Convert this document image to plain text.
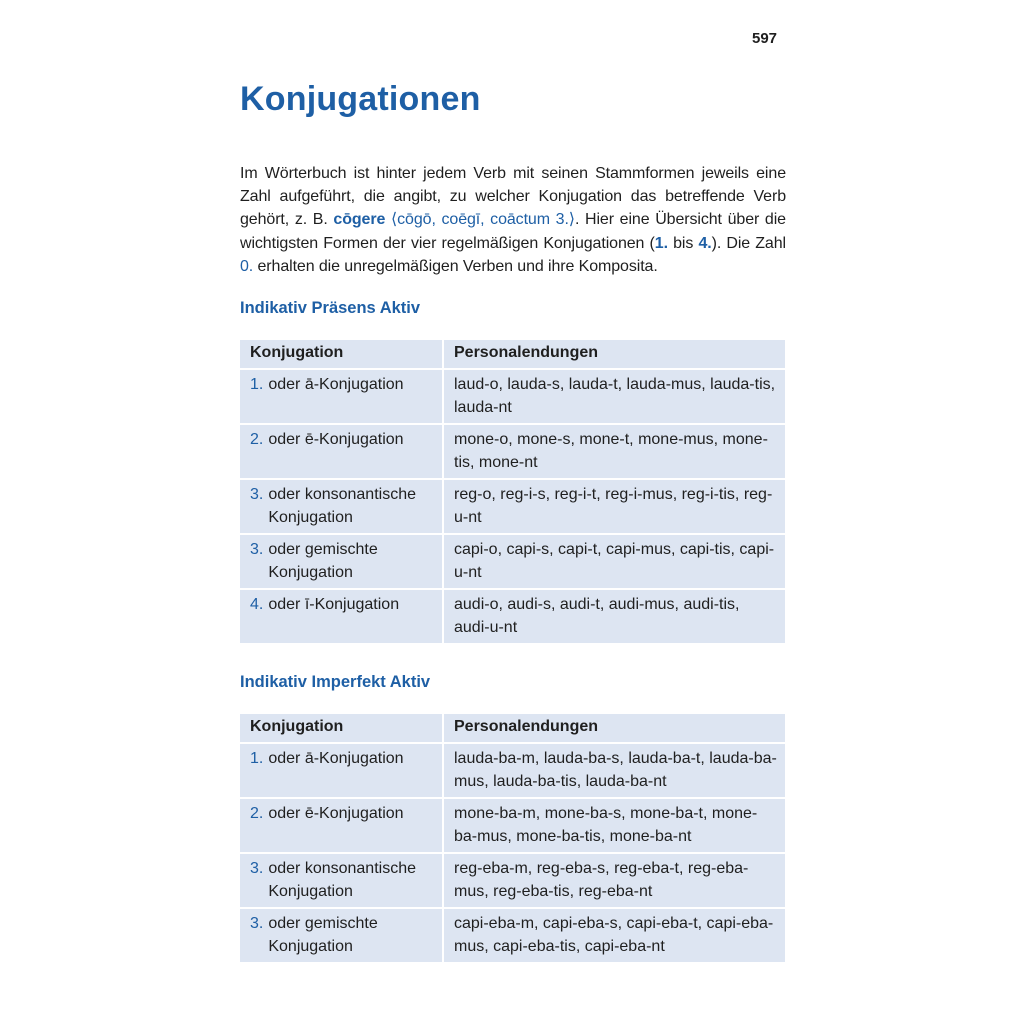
597
Konjugationen

Im Wörterbuch ist hinter jedem Verb mit seinen Stammformen jeweils eine Zahl aufgeführt, die angibt, zu welcher Konjugation das betreffende Verb gehört, z. B. cōgere ⟨cōgō, coēgī, coāctum 3.⟩. Hier eine Übersicht über die wichtigsten Formen der vier regelmäßigen Konjugationen (1. bis 4.). Die Zahl 0. erhalten die unregelmäßigen Verben und ihre Komposita.

Indikativ Präsens Aktiv
Konjugation	Personalendungen

1. oder ā-Konjugation	laud-o, lauda-s, lauda-t, lauda-mus, lauda-tis, lauda-nt

2. oder ē-Konjugation	mone-o, mone-s, mone-t, mone-mus, mone-tis, mone-nt

3. oder konsonantische Konjugation	reg-o, reg-i-s, reg-i-t, reg-i-mus, reg-i-tis, reg-u-nt

3. oder gemischte Konjugation	capi-o, capi-s, capi-t, capi-mus, capi-tis, capi-u-nt

4. oder ī-Konjugation	audi-o, audi-s, audi-t, audi-mus, audi-tis, audi-u-nt
Indikativ Imperfekt Aktiv
Konjugation	Personalendungen

1. oder ā-Konjugation	lauda-ba-m, lauda-ba-s, lauda-ba-t, lauda-ba-mus, lauda-ba-tis, lauda-ba-nt

2. oder ē-Konjugation	mone-ba-m, mone-ba-s, mone-ba-t, mone-ba-mus, mone-ba-tis, mone-ba-nt

3. oder konsonantische Konjugation	reg-eba-m, reg-eba-s, reg-eba-t, reg-eba-mus, reg-eba-tis, reg-eba-nt

3. oder gemischte Konjugation	capi-eba-m, capi-eba-s, capi-eba-t, capi-eba-mus, capi-eba-tis, capi-eba-nt
